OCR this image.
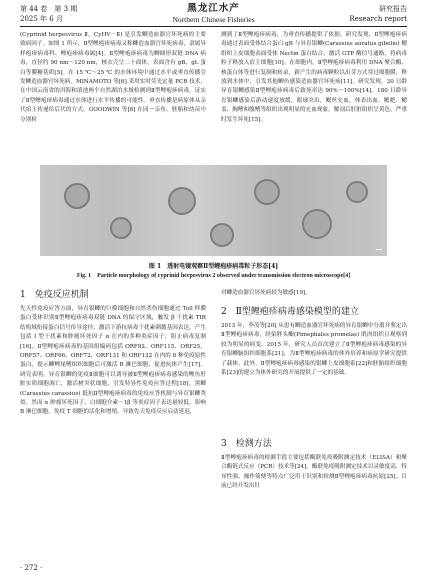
第 44 卷　第 3 期
2025 年 6 月
黑龙江水产
Northern Chinese Fisheries
研究报告
Research report

(Cyprinid herpesvirus Ⅱ，CyHV－Ⅱ) 是引发鲫造血器官坏死病的主要致病因子。如图 1 所示，Ⅱ型鲤疱疹病毒又称鲫造血器官坏死病毒，隶属异样疱疹病毒科、鲤疱疹病毒属[4]。Ⅱ型鲤疱疹病毒为鲫圆形双链 DNA 病毒，直径约 90 nm～120 nm，核衣壳呈二十面体，表面含有 gB、gL 蛋白等膜糖基质[5]。在 15 ℃～25 ℃ 的水体环境中通过水平或垂直传播引发鲫造血器官坏死病。MINAMOTO 等[6] 采用实时荧光定量 PCR 技术，在中国云南省的洱海和滇池两个自然湖泊水域检测到Ⅱ型鲤疱疹病毒，证实了Ⅱ型鲤疱疹病毒通过水体进行水平传播的可能性。垂直传播是病原体从亲代宿主传递给后代的方式。GOODWIN 等[8] 在同一亲鱼、胚胎和幼苗中分别检

测到了Ⅱ型鲤疱疹病毒，为垂直传播提供了依据。研究发现，Ⅱ型鲤疱疹病毒通过表面受体结合蛋白 gB 与异育银鲫(Carassius auratus gibelio) 鳃组织上皮细胞表面受体 Nectin 蛋白结合，激活 GTP 酶信号通路，将病毒粒子释放入宿主细胞[10]。在细胞内，Ⅱ型鲤疱疹病毒利用 DNA 聚合酶、核蛋白体等进行复制和转录，新产生的病毒颗粒以出芽方式穿过细胞膜，释放到水体中，引发其他鲫鱼感染造血器官坏死病[11]。研究发现，30 日龄异育银鲫感染Ⅱ型鲤疱疹病毒后致死率达 90%～100%[14]。180 日龄异育银鲫感染后游动速度放缓，眼球突出，鳃丝充血，体表出血，鳃耙、鳃盖、胸鳍和腹鳍等组织出现明显的充血现象。解剖后肝脏组织呈黄色，严重时发生坏死[15]。

图 1　透射电镜观察Ⅱ型鲤疱疹病毒粒子形态[4]
Fig. 1　Particle morphology of cyprinid herpesvirus 2 observed under transmission electron microscope[4]
1　免疫反应机制

先天性免疫应答方面，异育银鲫的巨噬细胞和自然杀伤细胞通过 Toll 样膜蛋白受体识别Ⅱ型鲤疱疹病毒双链 DNA 的保守区域，触发 β 干扰素 TIR 结构域衔接蛋白信号传导途径，激活下游抗病毒干扰素刺激基因表达，产生包括 I 型干扰素和肿瘤坏死因子 α 在内的多种炎症因子，阻止病毒复制[16]。Ⅱ型鲤疱疹病毒的基因组编码包括 ORF92、ORF115、ORF25、ORF57、ORF66、ORF72、ORF131 和 ORF132 在内的 8 种免疫原性蛋白，提示鲫鲤尾鳍组织细胞后可激活 B 淋巴细胞，促进抗体产生[17]。研究表明，异育银鲫的免疫Ⅱ细胞可以诱导被Ⅱ型鲤疱疹病毒感染的鲤鱼肝脏实质细胞凋亡，激活树突状细胞，引发特异性免疫应答过程[18]。黑鲫(Carassius carassius) 抵抗Ⅱ型鲤疱疹病毒的免疫应答机制与异育银鲫类似。然而 α 肿瘤坏死因子、白细胞介素－1β 等炎症因子表达量较低，影响 B 淋巴细胞、免疫 T 细胞的活化和增殖，导致先天免疫反应启动延迟，

对鲫造血器官坏死病较为敏感[19]。

2　Ⅱ型鲤疱疹病毒感染模型的建立

2013 年，李茂等[20] 从患有鲫造血器官坏死病的异育银鲫中分离并鉴定出Ⅱ型鲤疱疹病毒，经染胖头鲰(Pimephales promelas) 肌肉组织且观察到较为明显的病变。2015 年，研究人员首次建立了Ⅱ型鲤疱疹病毒感染的异育银鲫脑组织细胞系[21]，为Ⅱ型鲤疱疹病毒的体外培养和病原学研究提供了载体。此外，Ⅱ型鲤疱疹病毒感染的银鲫上皮细胞系[22]和胚胎组织细胞系[23]的建立为体外研究的开展提供了一定的基础。

3　检测方法

Ⅱ型鲤疱疹病毒的检测手段主要包括酶联免疫吸附测定技术（ELISA）和聚合酶链式反应（PCR）技术等[24]。酶联免疫吸附测定技术以灵敏度高、特异性强、操作简便等特点广泛用于识别和检测Ⅱ型鲤疱疹病毒抗原[25]。目前已经开发出针

· 272 ·
